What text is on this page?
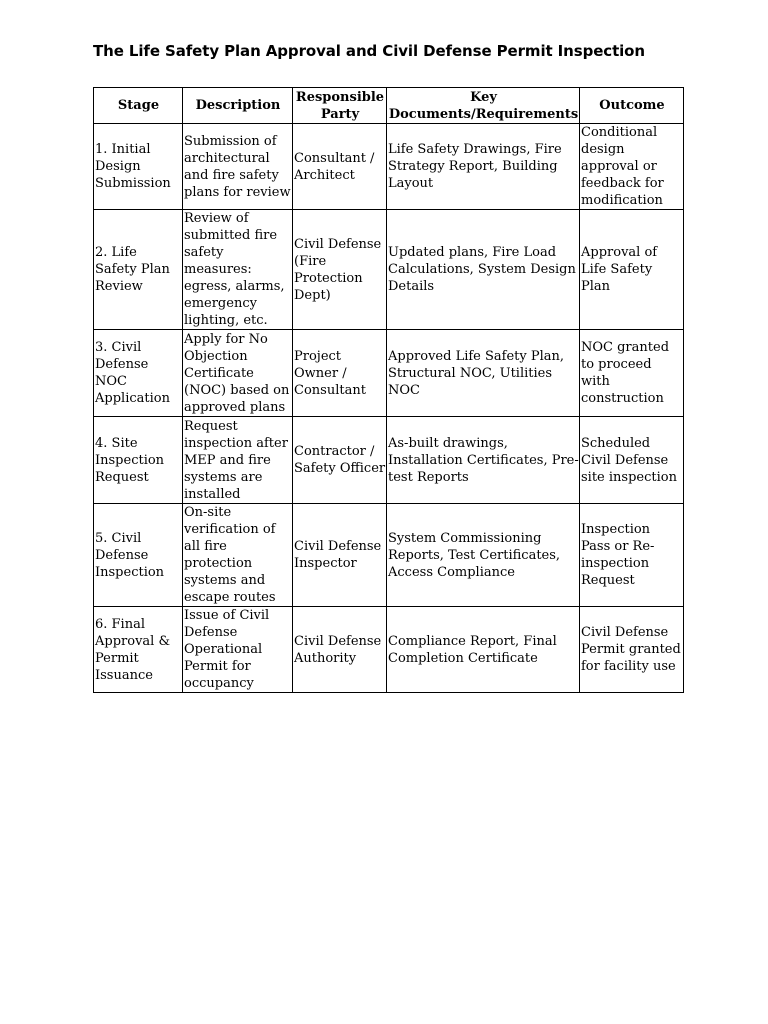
The Life Safety Plan Approval and Civil Defense Permit Inspection
Stage	Description	Responsible Party	Key Documents/Requirements	Outcome
1. Initial Design Submission	Submission of architectural and fire safety plans for review	Consultant / Architect	Life Safety Drawings, Fire Strategy Report, Building Layout	Conditional design approval or feedback for modification
2. Life Safety Plan Review	Review of submitted fire safety measures: egress, alarms, emergency lighting, etc.	Civil Defense (Fire Protection Dept)	Updated plans, Fire Load Calculations, System Design Details	Approval of Life Safety Plan
3. Civil Defense NOC Application	Apply for No Objection Certificate (NOC) based on approved plans	Project Owner / Consultant	Approved Life Safety Plan, Structural NOC, Utilities NOC	NOC granted to proceed with construction
4. Site Inspection Request	Request inspection after MEP and fire systems are installed	Contractor / Safety Officer	As-built drawings, Installation Certificates, Pre-test Reports	Scheduled Civil Defense site inspection
5. Civil Defense Inspection	On-site verification of all fire protection systems and escape routes	Civil Defense Inspector	System Commissioning Reports, Test Certificates, Access Compliance	Inspection Pass or Re-inspection Request
6. Final Approval & Permit Issuance	Issue of Civil Defense Operational Permit for occupancy	Civil Defense Authority	Compliance Report, Final Completion Certificate	Civil Defense Permit granted for facility use
